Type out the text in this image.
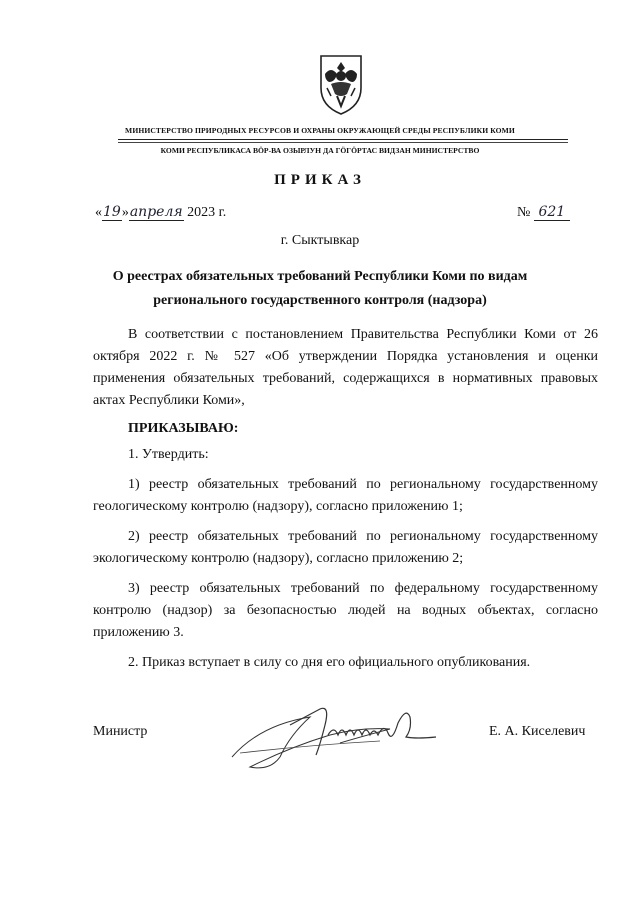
МИНИСТЕРСТВО ПРИРОДНЫХ РЕСУРСОВ И ОХРАНЫ ОКРУЖАЮЩЕЙ СРЕДЫ РЕСПУБЛИКИ КОМИ
КОМИ РЕСПУБЛИКАСА ВӦР-ВА ОЗЫРЛУН ДА ГӦГӦРТАС ВИДЗАН МИНИСТЕРСТВО
ПРИКАЗ
«19»апреля 2023 г.	№ 621
г. Сыктывкар
О реестрах обязательных требований Республики Коми по видам
регионального государственного контроля (надзора)

В соответствии с постановлением Правительства Республики Коми от 26 октября 2022 г. № 527 «Об утверждении Порядка установления и оценки применения обязательных требований, содержащихся в нормативных правовых актах Республики Коми»,

ПРИКАЗЫВАЮ:

1. Утвердить:

1) реестр обязательных требований по региональному государственному геологическому контролю (надзору), согласно приложению 1;

2) реестр обязательных требований по региональному государственному экологическому контролю (надзору), согласно приложению 2;

3) реестр обязательных требований по федеральному государственному контролю (надзор) за безопасностью людей на водных объектах, согласно приложению 3.

2. Приказ вступает в силу со дня его официального опубликования.

Министр	Е. А. Киселевич
